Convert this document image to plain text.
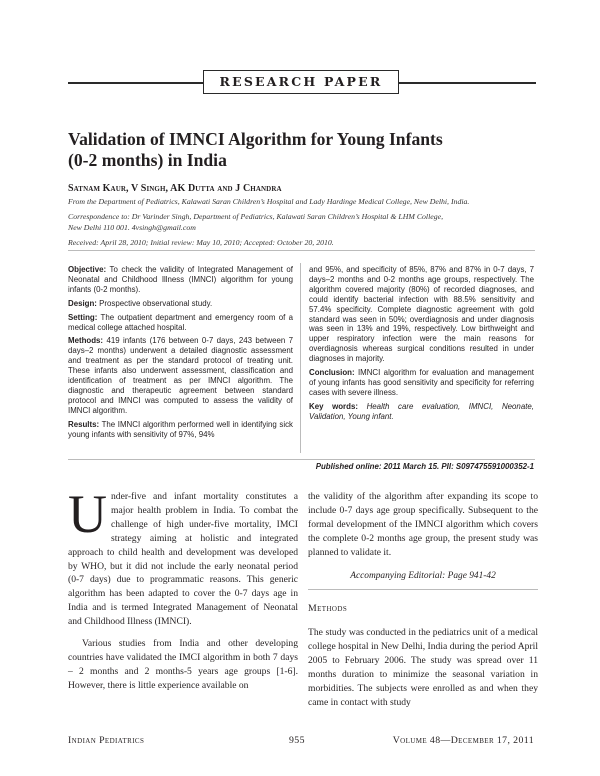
RESEARCH PAPER
Validation of IMNCI Algorithm for Young Infants
(0-2 months) in India
Satnam Kaur, V Singh, AK Dutta and J Chandra
From the Department of Pediatrics, Kalawati Saran Children’s Hospital and Lady Hardinge Medical College, New Delhi, India.
Correspondence to: Dr Varinder Singh, Department of Pediatrics, Kalawati Saran Children’s Hospital & LHM College,
New Delhi 110 001. 4vsingh@gmail.com
Received: April 28, 2010; Initial review: May 10, 2010; Accepted: October 20, 2010.

Objective: To check the validity of Integrated Management of Neonatal and Childhood Illness (IMNCI) algorithm for young infants (0-2 months).

Design: Prospective observational study.

Setting: The outpatient department and emergency room of a medical college attached hospital.

Methods: 419 infants (176 between 0-7 days, 243 between 7 days–2 months) underwent a detailed diagnostic assessment and treatment as per the standard protocol of treating unit. These infants also underwent assessment, classification and identification of treatment as per IMNCI algorithm. The diagnostic and therapeutic agreement between standard protocol and IMNCI was computed to assess the validity of IMNCI algorithm.

Results: The IMNCI algorithm performed well in identifying sick young infants with sensitivity of 97%, 94%

and 95%, and specificity of 85%, 87% and 87% in 0-7 days, 7 days–2 months and 0-2 months age groups, respectively. The algorithm covered majority (80%) of recorded diagnoses, and could identify bacterial infection with 88.5% sensitivity and 57.4% specificity. Complete diagnostic agreement with gold standard was seen in 50%; overdiagnosis and under diagnosis was seen in 13% and 19%, respectively. Low birthweight and upper respiratory infection were the main reasons for overdiagnosis whereas surgical conditions resulted in under diagnoses in majority.

Conclusion: IMNCI algorithm for evaluation and management of young infants has good sensitivity and specificity for referring cases with severe illness.

Key words: Health care evaluation, IMNCI, Neonate, Validation, Young infant.

Published online: 2011 March 15. PII: S097475591000352-1

Under-five and infant mortality constitutes a major health problem in India. To combat the challenge of high under-five mortality, IMCI strategy aiming at holistic and integrated approach to child health and development was developed by WHO, but it did not include the early neonatal period (0-7 days) due to programmatic reasons. This generic algorithm has been adapted to cover the 0-7 days age in India and is termed Integrated Management of Neonatal and Childhood Illness (IMNCI).

Various studies from India and other developing countries have validated the IMCI algorithm in both 7 days – 2 months and 2 months-5 years age groups [1-6]. However, there is little experience available on

the validity of the algorithm after expanding its scope to include 0-7 days age group specifically. Subsequent to the formal development of the IMNCI algorithm which covers the complete 0-2 months age group, the present study was planned to validate it.

Accompanying Editorial: Page 941-42

Methods

The study was conducted in the pediatrics unit of a medical college hospital in New Delhi, India during the period April 2005 to February 2006. The study was spread over 11 months duration to minimize the seasonal variation in morbidities. The subjects were enrolled as and when they came in contact with study

Indian Pediatrics	955	Volume 48—December 17, 2011
